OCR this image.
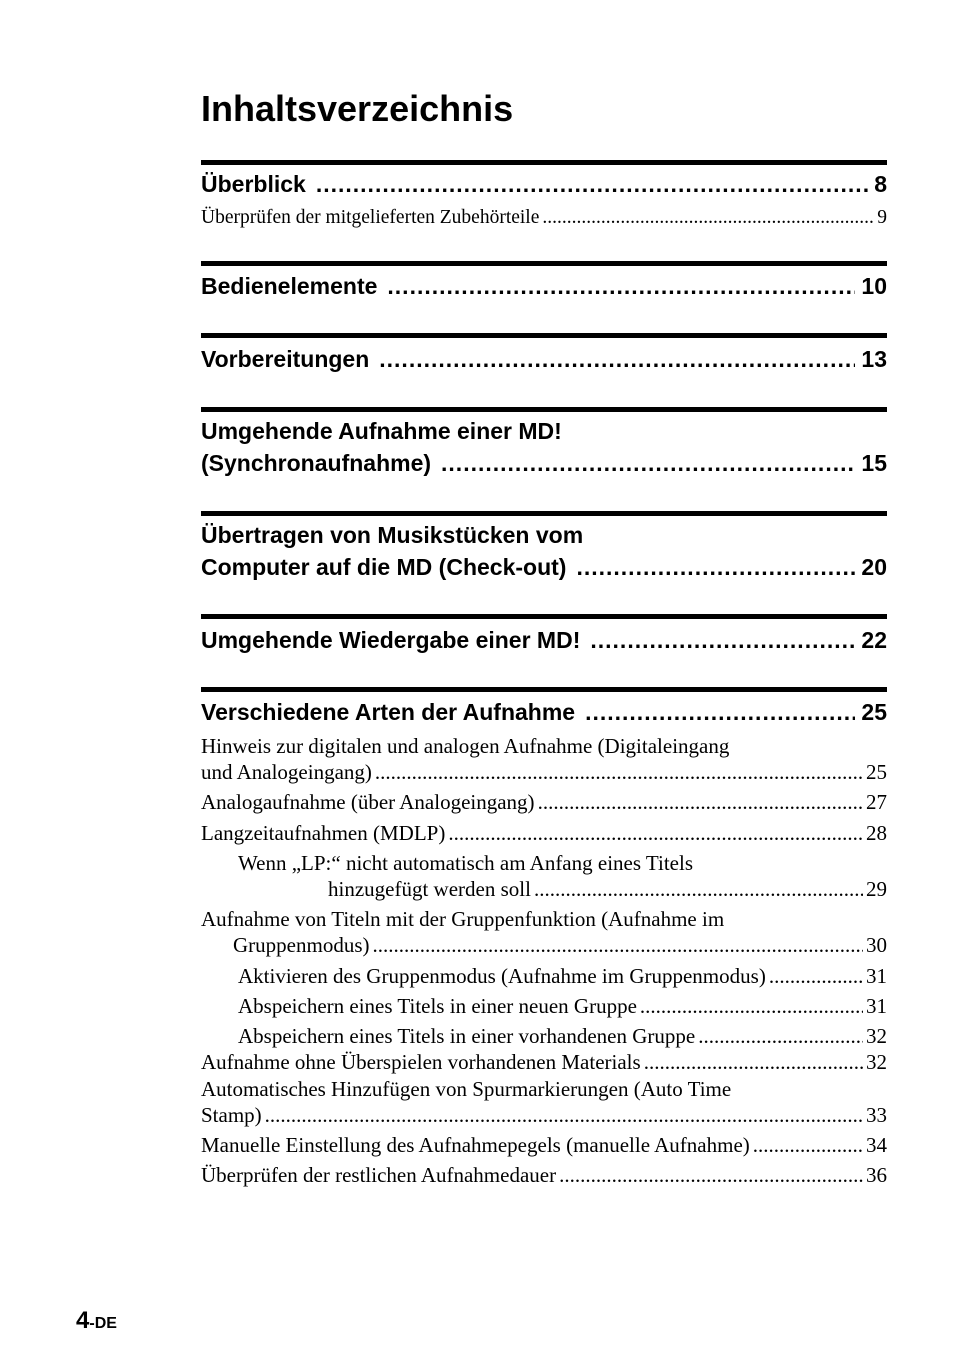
Inhaltsverzeichnis
Überblick .....	8
Überprüfen der mitgelieferten Zubehörteile .....	9
Bedienelemente .....	10
Vorbereitungen .....	13
Umgehende Aufnahme einer MD!
(Synchronaufnahme) .....	15
Übertragen von Musikstücken vom
Computer auf die MD (Check-out) .....	20
Umgehende Wiedergabe einer MD! .....	22
Verschiedene Arten der Aufnahme .....	25
Hinweis zur digitalen und analogen Aufnahme (Digitaleingang
und Analogeingang) .....	25
Analogaufnahme (über Analogeingang) .....	27
Langzeitaufnahmen (MDLP) .....	28
Wenn „LP:“ nicht automatisch am Anfang eines Titels
hinzugefügt werden soll .....	29
Aufnahme von Titeln mit der Gruppenfunktion (Aufnahme im
Gruppenmodus) .....	30
Aktivieren des Gruppenmodus (Aufnahme im Gruppenmodus) .....	31
Abspeichern eines Titels in einer neuen Gruppe .....	31
Abspeichern eines Titels in einer vorhandenen Gruppe .....	32
Aufnahme ohne Überspielen vorhandenen Materials .....	32
Automatisches Hinzufügen von Spurmarkierungen (Auto Time
Stamp) .....	33
Manuelle Einstellung des Aufnahmepegels (manuelle Aufnahme) .....	34
Überprüfen der restlichen Aufnahmedauer .....	36
4-DE
